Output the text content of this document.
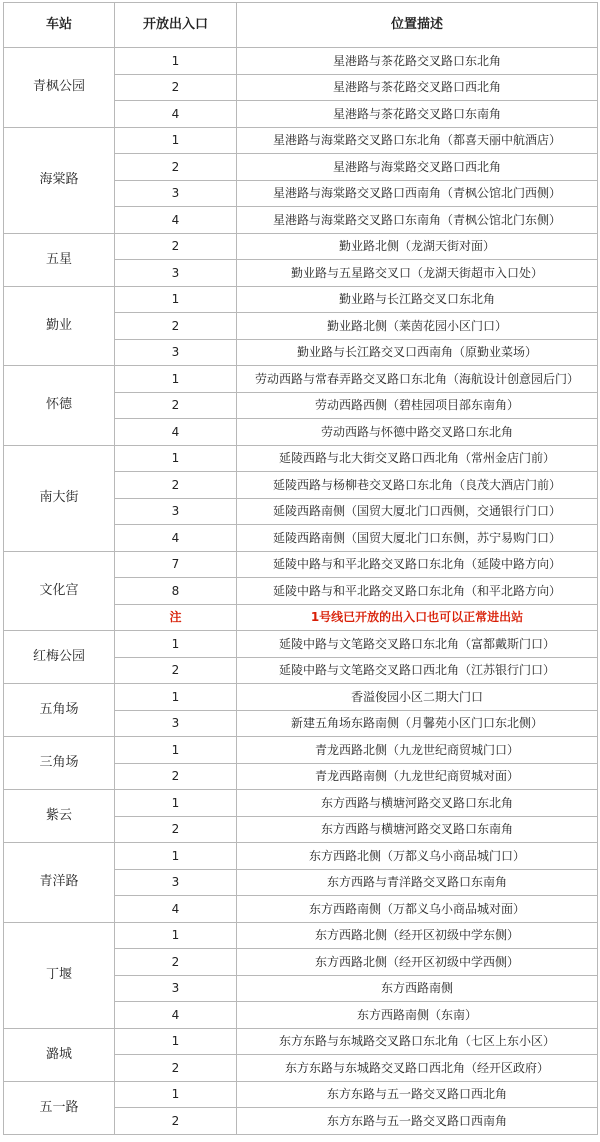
车站	开放出入口	位置描述
青枫公园	1	星港路与茶花路交叉路口东北角
	2	星港路与茶花路交叉路口西北角
	4	星港路与茶花路交叉路口东南角
海棠路	1	星港路与海棠路交叉路口东北角（都喜天丽中航酒店）
	2	星港路与海棠路交叉路口西北角
	3	星港路与海棠路交叉路口西南角（青枫公馆北门西侧）
	4	星港路与海棠路交叉路口东南角（青枫公馆北门东侧）
五星	2	勤业路北侧（龙湖天街对面）
	3	勤业路与五星路交叉口（龙湖天街超市入口处）
勤业	1	勤业路与长江路交叉口东北角
	2	勤业路北侧（莱茵花园小区门口）
	3	勤业路与长江路交叉口西南角（原勤业菜场）
怀德	1	劳动西路与常春弄路交叉路口东北角（海航设计创意园后门）
	2	劳动西路西侧（碧桂园项目部东南角）
	4	劳动西路与怀德中路交叉路口东北角
南大街	1	延陵西路与北大街交叉路口西北角（常州金店门前）
	2	延陵西路与杨柳巷交叉路口东北角（良茂大酒店门前）
	3	延陵西路南侧（国贸大厦北门口西侧，交通银行门口）
	4	延陵西路南侧（国贸大厦北门口东侧，苏宁易购门口）
文化宫	7	延陵中路与和平北路交叉路口东北角（延陵中路方向）
	8	延陵中路与和平北路交叉路口东北角（和平北路方向）
	注	1号线已开放的出入口也可以正常进出站
红梅公园	1	延陵中路与文笔路交叉路口东北角（富都戴斯门口）
	2	延陵中路与文笔路交叉路口西北角（江苏银行门口）
五角场	1	香溢俊园小区二期大门口
	3	新建五角场东路南侧（月馨苑小区门口东北侧）
三角场	1	青龙西路北侧（九龙世纪商贸城门口）
	2	青龙西路南侧（九龙世纪商贸城对面）
紫云	1	东方西路与横塘河路交叉路口东北角
	2	东方西路与横塘河路交叉路口东南角
青洋路	1	东方西路北侧（万都义乌小商品城门口）
	3	东方西路与青洋路交叉路口东南角
	4	东方西路南侧（万都义乌小商品城对面）
丁堰	1	东方西路北侧（经开区初级中学东侧）
	2	东方西路北侧（经开区初级中学西侧）
	3	东方西路南侧
	4	东方西路南侧（东南）
潞城	1	东方东路与东城路交叉路口东北角（七区上东小区）
	2	东方东路与东城路交叉路口西北角（经开区政府）
五一路	1	东方东路与五一路交叉路口西北角
	2	东方东路与五一路交叉路口西南角
